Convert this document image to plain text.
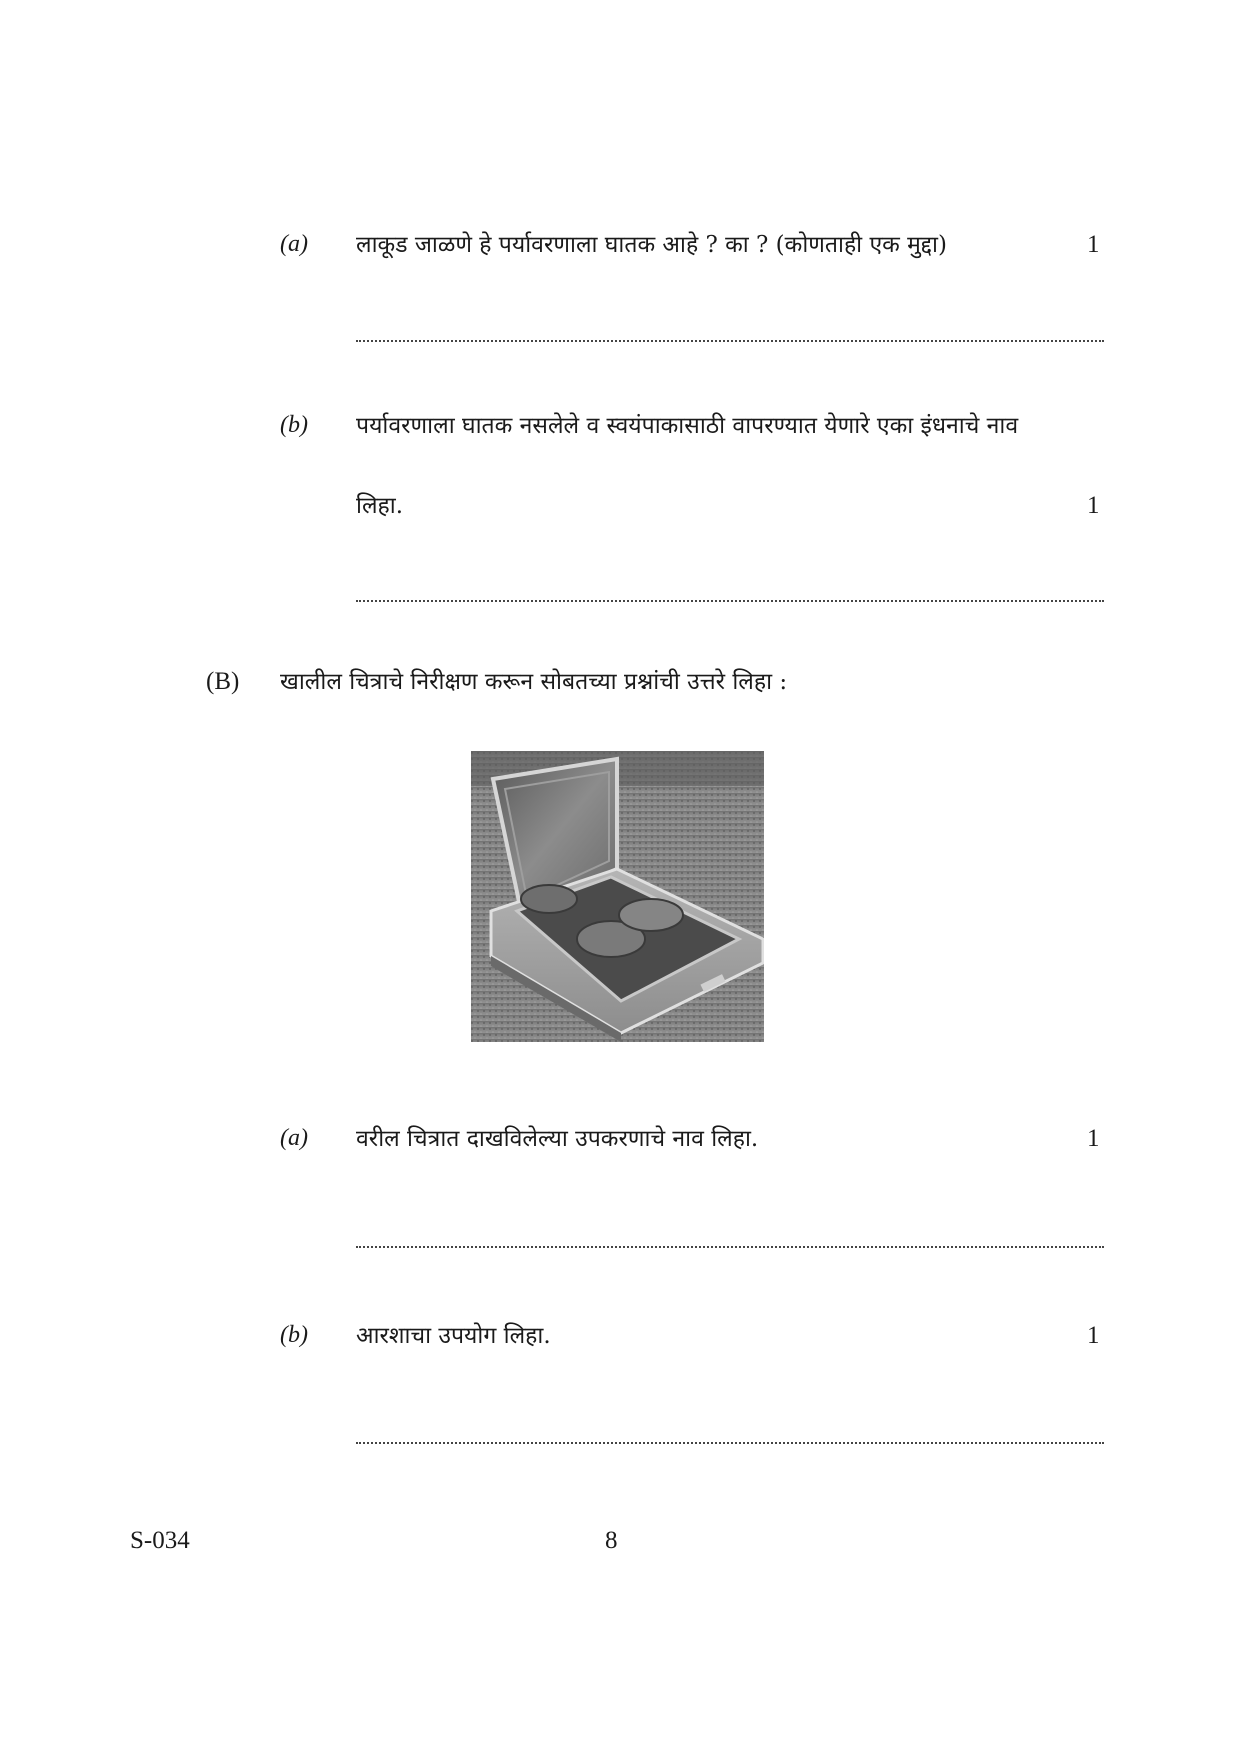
(a) लाकूड जाळणे हे पर्यावरणाला घातक आहे ? का ? (कोणताही एक मुद्दा)	1
(b) पर्यावरणाला घातक नसलेले व स्वयंपाकासाठी वापरण्यात येणारे एका इंधनाचे नाव
लिहा.	1
(B) खालील चित्राचे निरीक्षण करून सोबतच्या प्रश्नांची उत्तरे लिहा :
(a) वरील चित्रात दाखविलेल्या उपकरणाचे नाव लिहा.	1
(b) आरशाचा उपयोग लिहा.	1
S-034	8
